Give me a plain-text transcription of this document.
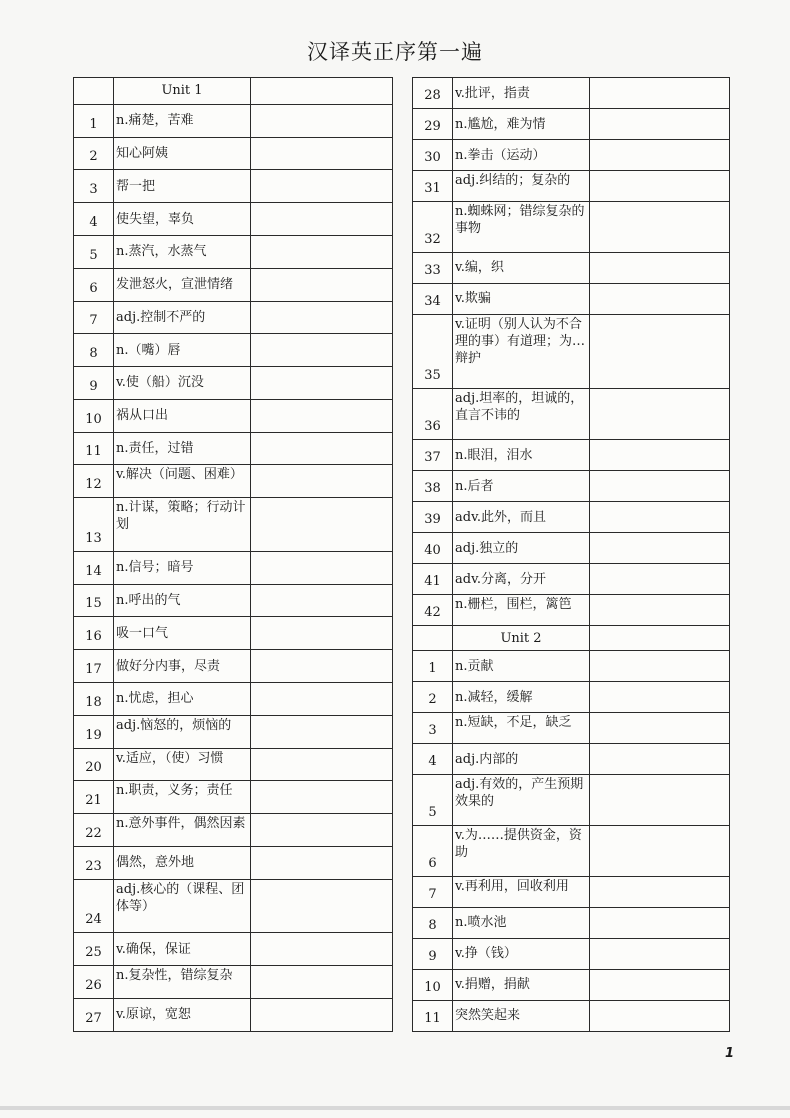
汉译英正序第一遍
	Unit 1	
1	n.痛楚，苦难	
2	知心阿姨	
3	帮一把	
4	使失望，辜负	
5	n.蒸汽，水蒸气	
6	发泄怒火，宣泄情绪	
7	adj.控制不严的	
8	n.（嘴）唇	
9	v.使（船）沉没	
10	祸从口出	
11	n.责任，过错	
12	v.解决（问题、困难）	
13	n.计谋，策略；行动计划	
14	n.信号；暗号	
15	n.呼出的气	
16	吸一口气	
17	做好分内事，尽责	
18	n.忧虑，担心	
19	adj.恼怒的，烦恼的	
20	v.适应，（使）习惯	
21	n.职责，义务；责任	
22	n.意外事件，偶然因素	
23	偶然，意外地	
24	adj.核心的（课程、团体等）	
25	v.确保，保证	
26	n.复杂性，错综复杂	
27	v.原谅，宽恕	
28	v.批评，指责	
29	n.尴尬，难为情	
30	n.拳击（运动）	
31	adj.纠结的；复杂的	
32	n.蜘蛛网；错综复杂的事物	
33	v.编，织	
34	v.欺骗	
35	v.证明（别人认为不合理的事）有道理；为…辩护	
36	adj.坦率的，坦诚的，直言不讳的	
37	n.眼泪，泪水	
38	n.后者	
39	adv.此外，而且	
40	adj.独立的	
41	adv.分离，分开	
42	n.栅栏，围栏，篱笆	
	Unit 2	
1	n.贡献	
2	n.减轻，缓解	
3	n.短缺，不足，缺乏	
4	adj.内部的	
5	adj.有效的，产生预期效果的	
6	v.为……提供资金，资助	
7	v.再利用，回收利用	
8	n.喷水池	
9	v.挣（钱）	
10	v.捐赠，捐献	
11	突然笑起来	
1
